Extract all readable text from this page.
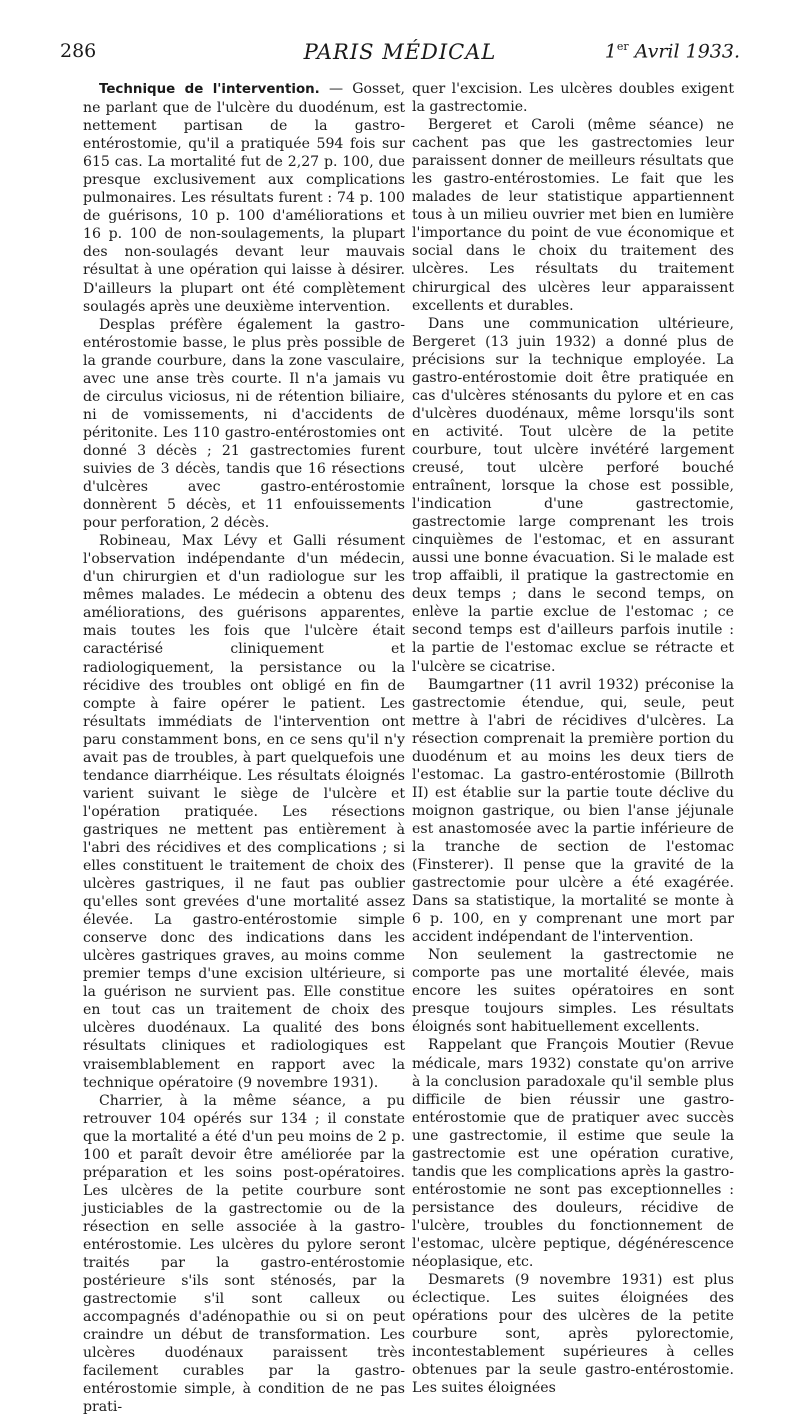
286	PARIS MÉDICAL	1er Avril 1933.

Technique de l'intervention. — Gosset, ne parlant que de l'ulcère du duodénum, est nettement partisan de la gastro-entérostomie, qu'il a pratiquée 594 fois sur 615 cas. La mortalité fut de 2,27 p. 100, due presque exclusivement aux complications pulmonaires. Les résultats furent : 74 p. 100 de guérisons, 10 p. 100 d'améliorations et 16 p. 100 de non-soulagements, la plupart des non-soulagés devant leur mauvais résultat à une opération qui laisse à désirer. D'ailleurs la plupart ont été complètement soulagés après une deuxième intervention.

Desplas préfère également la gastro-entérostomie basse, le plus près possible de la grande courbure, dans la zone vasculaire, avec une anse très courte. Il n'a jamais vu de circulus viciosus, ni de rétention biliaire, ni de vomissements, ni d'accidents de péritonite. Les 110 gastro-entérostomies ont donné 3 décès ; 21 gastrectomies furent suivies de 3 décès, tandis que 16 résections d'ulcères avec gastro-entérostomie donnèrent 5 décès, et 11 enfouissements pour perforation, 2 décès.

Robineau, Max Lévy et Galli résument l'observation indépendante d'un médecin, d'un chirurgien et d'un radiologue sur les mêmes malades. Le médecin a obtenu des améliorations, des guérisons apparentes, mais toutes les fois que l'ulcère était caractérisé cliniquement et radiologiquement, la persistance ou la récidive des troubles ont obligé en fin de compte à faire opérer le patient. Les résultats immédiats de l'intervention ont paru constamment bons, en ce sens qu'il n'y avait pas de troubles, à part quelquefois une tendance diarrhéique. Les résultats éloignés varient suivant le siège de l'ulcère et l'opération pratiquée. Les résections gastriques ne mettent pas entièrement à l'abri des récidives et des complications ; si elles constituent le traitement de choix des ulcères gastriques, il ne faut pas oublier qu'elles sont grevées d'une mortalité assez élevée. La gastro-entérostomie simple conserve donc des indications dans les ulcères gastriques graves, au moins comme premier temps d'une excision ultérieure, si la guérison ne survient pas. Elle constitue en tout cas un traitement de choix des ulcères duodénaux. La qualité des bons résultats cliniques et radiologiques est vraisemblablement en rapport avec la technique opératoire (9 novembre 1931).

Charrier, à la même séance, a pu retrouver 104 opérés sur 134 ; il constate que la mortalité a été d'un peu moins de 2 p. 100 et paraît devoir être améliorée par la préparation et les soins post-opératoires. Les ulcères de la petite courbure sont justiciables de la gastrectomie ou de la résection en selle associée à la gastro-entérostomie. Les ulcères du pylore seront traités par la gastro-entérostomie postérieure s'ils sont sténosés, par la gastrectomie s'il sont calleux ou accompagnés d'adénopathie ou si on peut craindre un début de transformation. Les ulcères duodénaux paraissent très facilement curables par la gastro-entérostomie simple, à condition de ne pas prati-

quer l'excision. Les ulcères doubles exigent la gastrectomie.

Bergeret et Caroli (même séance) ne cachent pas que les gastrectomies leur paraissent donner de meilleurs résultats que les gastro-entérostomies. Le fait que les malades de leur statistique appartiennent tous à un milieu ouvrier met bien en lumière l'importance du point de vue économique et social dans le choix du traitement des ulcères. Les résultats du traitement chirurgical des ulcères leur apparaissent excellents et durables.

Dans une communication ultérieure, Bergeret (13 juin 1932) a donné plus de précisions sur la technique employée. La gastro-entérostomie doit être pratiquée en cas d'ulcères sténosants du pylore et en cas d'ulcères duodénaux, même lorsqu'ils sont en activité. Tout ulcère de la petite courbure, tout ulcère invétéré largement creusé, tout ulcère perforé bouché entraînent, lorsque la chose est possible, l'indication d'une gastrectomie, gastrectomie large comprenant les trois cinquièmes de l'estomac, et en assurant aussi une bonne évacuation. Si le malade est trop affaibli, il pratique la gastrectomie en deux temps ; dans le second temps, on enlève la partie exclue de l'estomac ; ce second temps est d'ailleurs parfois inutile : la partie de l'estomac exclue se rétracte et l'ulcère se cicatrise.

Baumgartner (11 avril 1932) préconise la gastrectomie étendue, qui, seule, peut mettre à l'abri de récidives d'ulcères. La résection comprenait la première portion du duodénum et au moins les deux tiers de l'estomac. La gastro-entérostomie (Billroth II) est établie sur la partie toute déclive du moignon gastrique, ou bien l'anse jéjunale est anastomosée avec la partie inférieure de la tranche de section de l'estomac (Finsterer). Il pense que la gravité de la gastrectomie pour ulcère a été exagérée. Dans sa statistique, la mortalité se monte à 6 p. 100, en y comprenant une mort par accident indépendant de l'intervention.

Non seulement la gastrectomie ne comporte pas une mortalité élevée, mais encore les suites opératoires en sont presque toujours simples. Les résultats éloignés sont habituellement excellents.

Rappelant que François Moutier (Revue médicale, mars 1932) constate qu'on arrive à la conclusion paradoxale qu'il semble plus difficile de bien réussir une gastro-entérostomie que de pratiquer avec succès une gastrectomie, il estime que seule la gastrectomie est une opération curative, tandis que les complications après la gastro-entérostomie ne sont pas exceptionnelles : persistance des douleurs, récidive de l'ulcère, troubles du fonctionnement de l'estomac, ulcère peptique, dégénérescence néoplasique, etc.

Desmarets (9 novembre 1931) est plus éclectique. Les suites éloignées des opérations pour des ulcères de la petite courbure sont, après pylorectomie, incontestablement supérieures à celles obtenues par la seule gastro-entérostomie. Les suites éloignées
